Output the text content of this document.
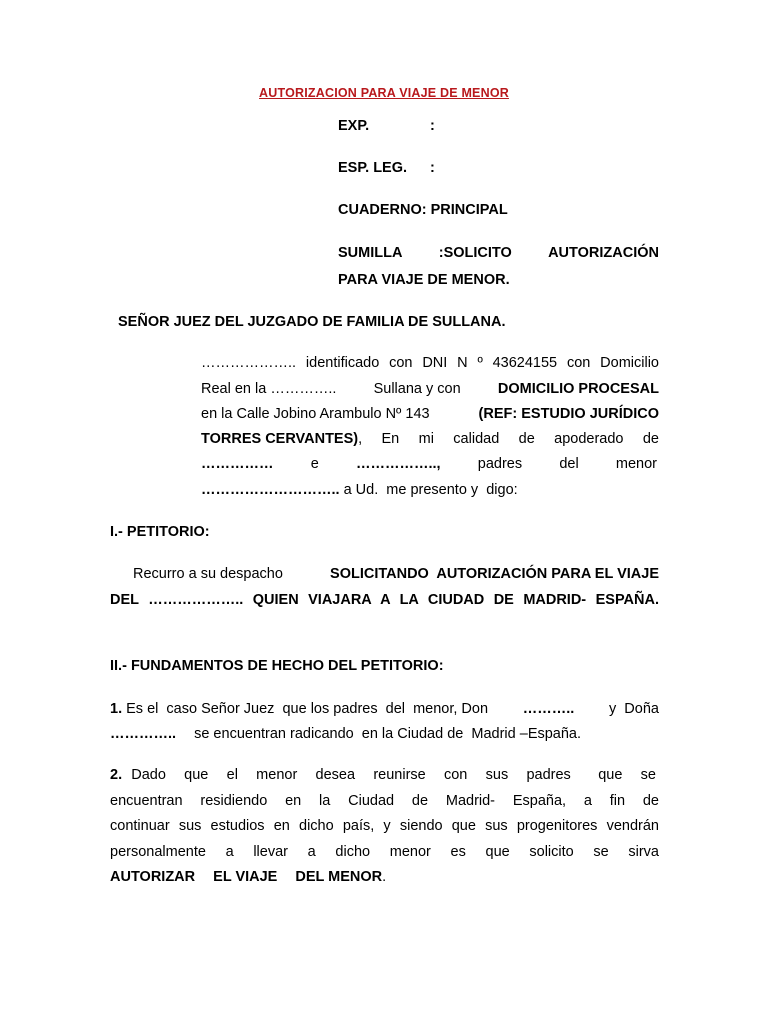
AUTORIZACION PARA VIAJE DE MENOR
EXP.	:
ESP. LEG. :
CUADERNO: PRINCIPAL
SUMILLA	:SOLICITO	AUTORIZACIÓN
PARA VIAJE DE MENOR.
SEÑOR JUEZ DEL JUZGADO DE FAMILIA DE SULLANA.
……………….. identificado con DNI N º 43624155 con Domicilio
Real en la …………..	Sullana y con	DOMICILIO PROCESAL
en la Calle Jobino Arambulo Nº 143	(REF: ESTUDIO JURÍDICO
TORRES CERVANTES) , En mi calidad de apoderado de
……………	e	……………..,	padres	del	menor
……………………….. a Ud.  me presento y  digo:
I.- PETITORIO:
Recurro a su despacho	SOLICITANDO  AUTORIZACIÓN PARA EL VIAJE
DEL ……………….. QUIEN VIAJARA A LA CIUDAD DE MADRID- ESPAÑA.
II.- FUNDAMENTOS DE HECHO DEL PETITORIO:
1. Es el  caso Señor Juez  que los padres  del  menor, Don ……….. y  Doña
………….. se encuentran radicando  en la Ciudad de  Madrid –España.
2. Dado  que  el  menor  desea  reunirse  con  sus  padres   que  se
encuentran  residiendo  en  la  Ciudad  de  Madrid-  España,  a  fin  de
continuar sus estudios en dicho país, y siendo que sus progenitores vendrán
personalmente  a  llevar  a  dicho  menor  es  que  solicito  se  sirva
AUTORIZAR EL VIAJE DEL MENOR.
